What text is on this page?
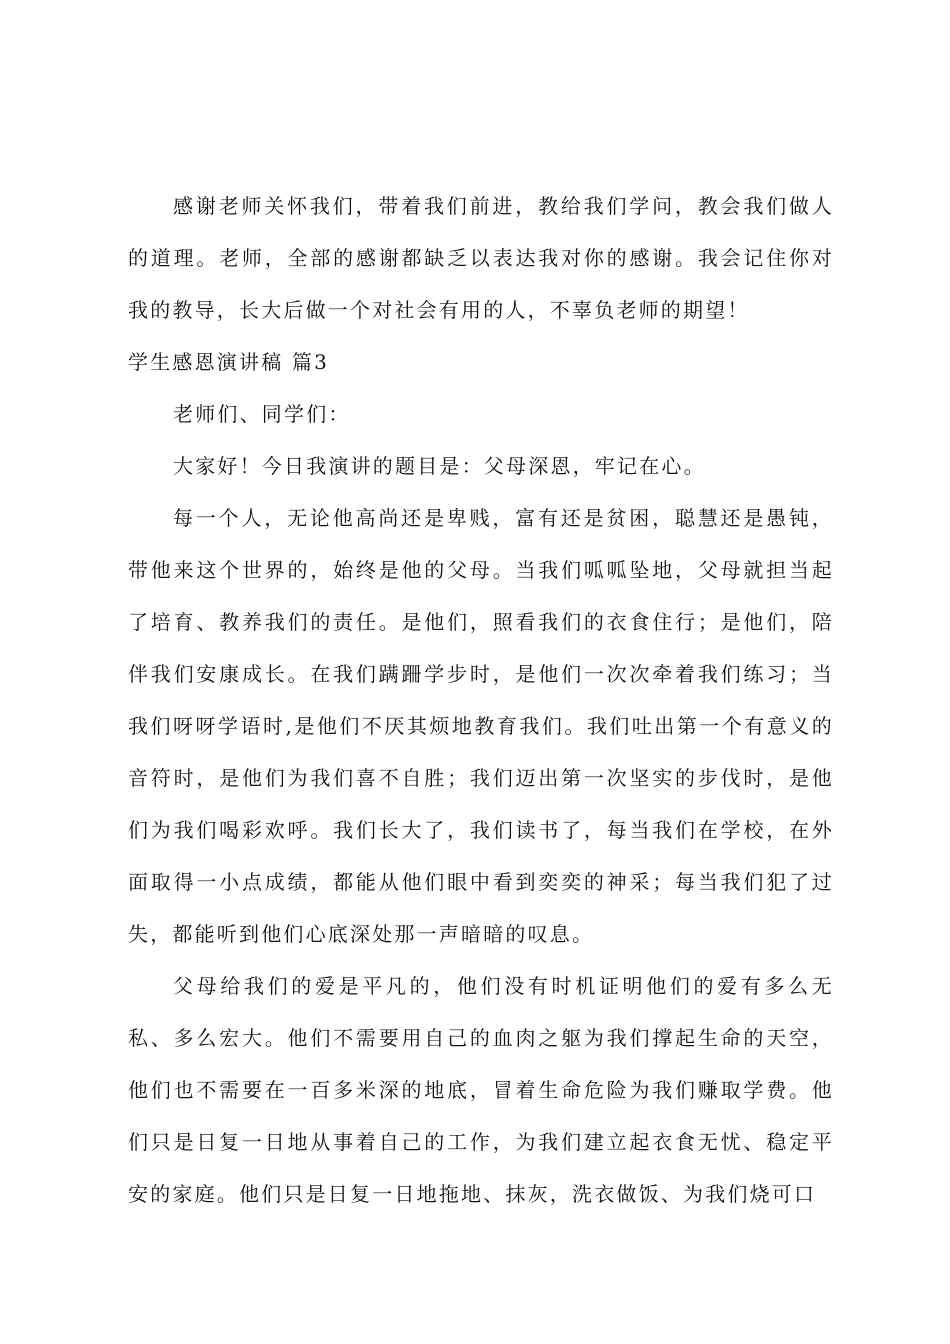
感谢老师关怀我们，带着我们前进，教给我们学问，教会我们做人的道理。老师，全部的感谢都缺乏以表达我对你的感谢。我会记住你对我的教导，长大后做一个对社会有用的人，不辜负老师的期望！

学生感恩演讲稿 篇3

老师们、同学们：

大家好！今日我演讲的题目是：父母深恩，牢记在心。

每一个人，无论他高尚还是卑贱，富有还是贫困，聪慧还是愚钝，带他来这个世界的，始终是他的父母。当我们呱呱坠地，父母就担当起了培育、教养我们的责任。是他们，照看我们的衣食住行；是他们，陪伴我们安康成长。在我们蹒跚学步时，是他们一次次牵着我们练习；当我们呀呀学语时,是他们不厌其烦地教育我们。我们吐出第一个有意义的音符时，是他们为我们喜不自胜；我们迈出第一次坚实的步伐时，是他们为我们喝彩欢呼。我们长大了，我们读书了，每当我们在学校，在外面取得一小点成绩，都能从他们眼中看到奕奕的神采；每当我们犯了过失，都能听到他们心底深处那一声暗暗的叹息。

父母给我们的爱是平凡的，他们没有时机证明他们的爱有多么无私、多么宏大。他们不需要用自己的血肉之躯为我们撑起生命的天空，他们也不需要在一百多米深的地底，冒着生命危险为我们赚取学费。他们只是日复一日地从事着自己的工作，为我们建立起衣食无忧、稳定平安的家庭。他们只是日复一日地拖地、抹灰，洗衣做饭、为我们烧可口
